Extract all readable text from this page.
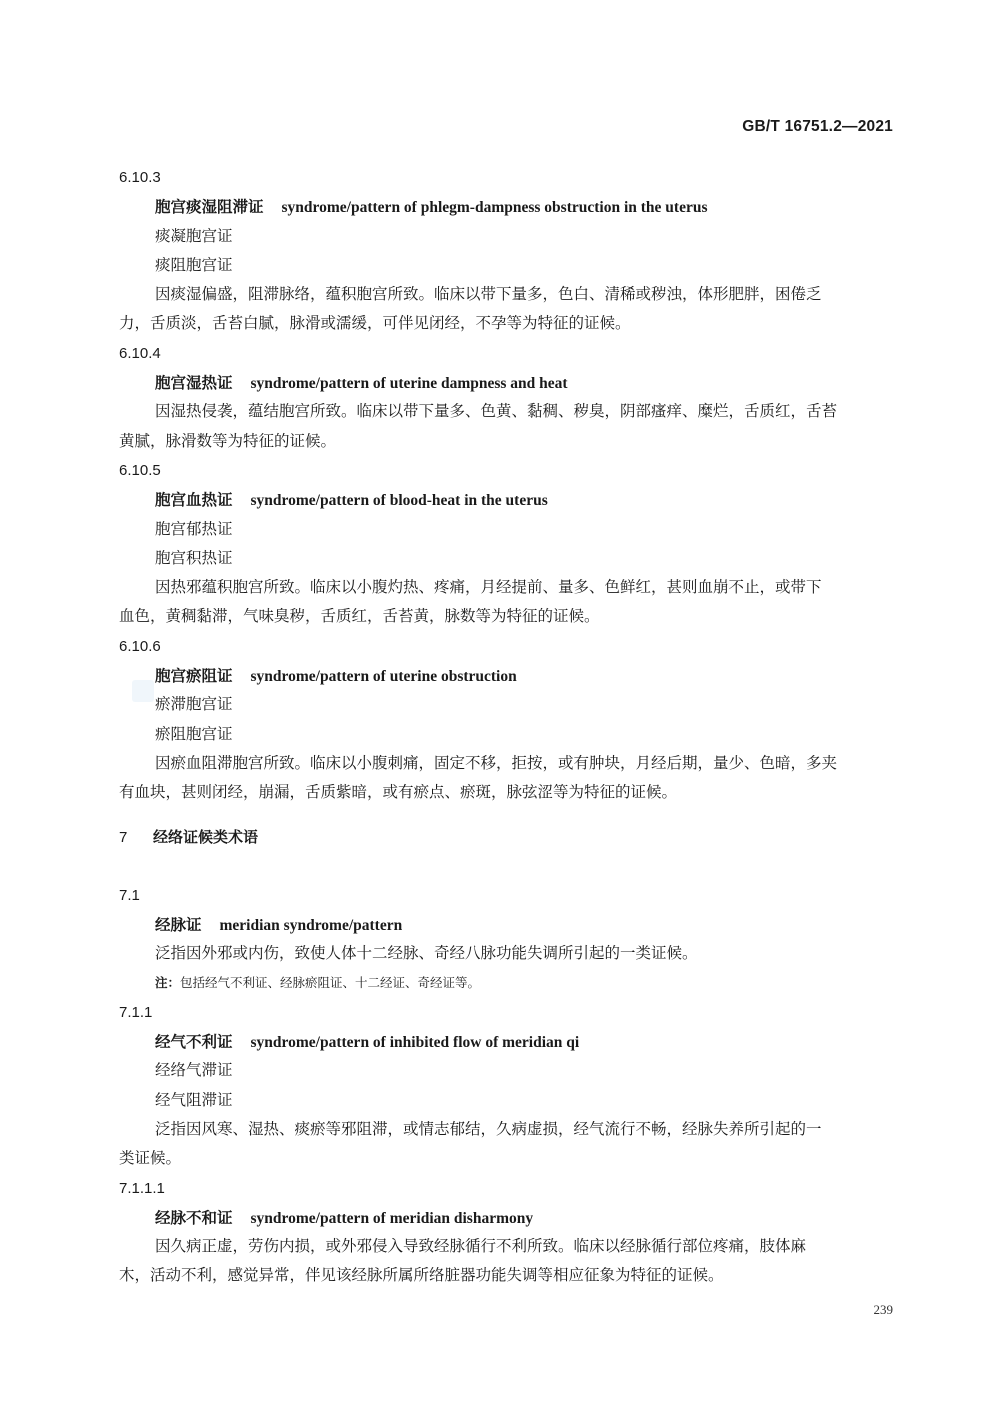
GB/T 16751.2—2021
6.10.3
胞宫痰湿阻滞证 syndrome/pattern of phlegm-dampness obstruction in the uterus
痰凝胞宫证
痰阻胞宫证
因痰湿偏盛，阻滞脉络，蕴积胞宫所致。临床以带下量多，色白、清稀或秽浊，体形肥胖，困倦乏
力，舌质淡，舌苔白腻，脉滑或濡缓，可伴见闭经，不孕等为特征的证候。
6.10.4
胞宫湿热证 syndrome/pattern of uterine dampness and heat
因湿热侵袭，蕴结胞宫所致。临床以带下量多、色黄、黏稠、秽臭，阴部瘙痒、糜烂，舌质红，舌苔
黄腻，脉滑数等为特征的证候。
6.10.5
胞宫血热证 syndrome/pattern of blood-heat in the uterus
胞宫郁热证
胞宫积热证
因热邪蕴积胞宫所致。临床以小腹灼热、疼痛，月经提前、量多、色鲜红，甚则血崩不止，或带下
血色，黄稠黏滞，气味臭秽，舌质红，舌苔黄，脉数等为特征的证候。
6.10.6
胞宫瘀阻证 syndrome/pattern of uterine obstruction
瘀滞胞宫证
瘀阻胞宫证
因瘀血阻滞胞宫所致。临床以小腹刺痛，固定不移，拒按，或有肿块，月经后期，量少、色暗，多夹
有血块，甚则闭经，崩漏，舌质紫暗，或有瘀点、瘀斑，脉弦涩等为特征的证候。
7 经络证候类术语
7.1
经脉证 meridian syndrome/pattern
泛指因外邪或内伤，致使人体十二经脉、奇经八脉功能失调所引起的一类证候。
注：包括经气不利证、经脉瘀阻证、十二经证、奇经证等。
7.1.1
经气不利证 syndrome/pattern of inhibited flow of meridian qi
经络气滞证
经气阻滞证
泛指因风寒、湿热、痰瘀等邪阻滞，或情志郁结，久病虚损，经气流行不畅，经脉失养所引起的一
类证候。
7.1.1.1
经脉不和证 syndrome/pattern of meridian disharmony
因久病正虚，劳伤内损，或外邪侵入导致经脉循行不利所致。临床以经脉循行部位疼痛，肢体麻
木，活动不利，感觉异常，伴见该经脉所属所络脏器功能失调等相应征象为特征的证候。
239
